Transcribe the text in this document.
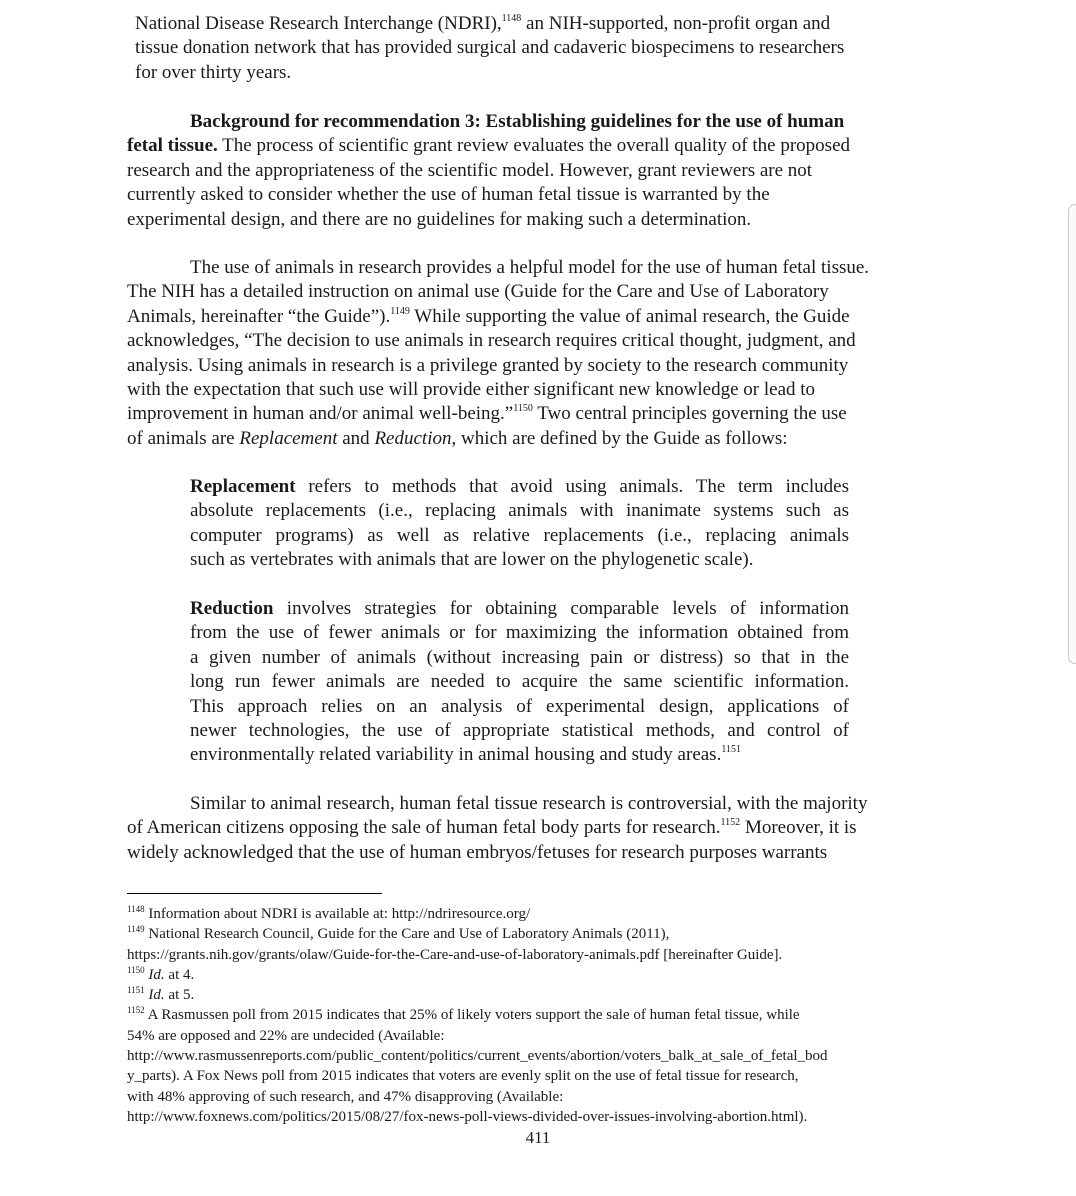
National Disease Research Interchange (NDRI),$^{1148}$ an NIH-supported, non-profit organ and
tissue donation network that has provided surgical and cadaveric biospecimens to researchers
for over thirty years.
Background for recommendation 3: Establishing guidelines for the use of human
fetal tissue. The process of scientific grant review evaluates the overall quality of the proposed
research and the appropriateness of the scientific model. However, grant reviewers are not
currently asked to consider whether the use of human fetal tissue is warranted by the
experimental design, and there are no guidelines for making such a determination.
The use of animals in research provides a helpful model for the use of human fetal tissue.
The NIH has a detailed instruction on animal use (Guide for the Care and Use of Laboratory
Animals, hereinafter “the Guide”).$^{1149}$ While supporting the value of animal research, the Guide
acknowledges, “The decision to use animals in research requires critical thought, judgment, and
analysis. Using animals in research is a privilege granted by society to the research community
with the expectation that such use will provide either significant new knowledge or lead to
improvement in human and/or animal well-being.”$^{1150}$ Two central principles governing the use
of animals are Replacement and Reduction, which are defined by the Guide as follows:
Replacement refers to methods that avoid using animals. The term includes
absolute replacements (i.e., replacing animals with inanimate systems such as
computer programs) as well as relative replacements (i.e., replacing animals
such as vertebrates with animals that are lower on the phylogenetic scale).
Reduction involves strategies for obtaining comparable levels of information
from the use of fewer animals or for maximizing the information obtained from
a given number of animals (without increasing pain or distress) so that in the
long run fewer animals are needed to acquire the same scientific information.
This approach relies on an analysis of experimental design, applications of
newer technologies, the use of appropriate statistical methods, and control of
environmentally related variability in animal housing and study areas.$^{1151}$
Similar to animal research, human fetal tissue research is controversial, with the majority
of American citizens opposing the sale of human fetal body parts for research.$^{1152}$ Moreover, it is
widely acknowledged that the use of human embryos/fetuses for research purposes warrants
$^{1148}$ Information about NDRI is available at: http://ndriresource.org/
$^{1149}$ National Research Council, Guide for the Care and Use of Laboratory Animals (2011),
https://grants.nih.gov/grants/olaw/Guide-for-the-Care-and-use-of-laboratory-animals.pdf [hereinafter Guide].
$^{1150}$ Id. at 4.
$^{1151}$ Id. at 5.
$^{1152}$ A Rasmussen poll from 2015 indicates that 25% of likely voters support the sale of human fetal tissue, while
54% are opposed and 22% are undecided (Available:
http://www.rasmussenreports.com/public_content/politics/current_events/abortion/voters_balk_at_sale_of_fetal_bod
y_parts). A Fox News poll from 2015 indicates that voters are evenly split on the use of fetal tissue for research,
with 48% approving of such research, and 47% disapproving (Available:
http://www.foxnews.com/politics/2015/08/27/fox-news-poll-views-divided-over-issues-involving-abortion.html).
411
